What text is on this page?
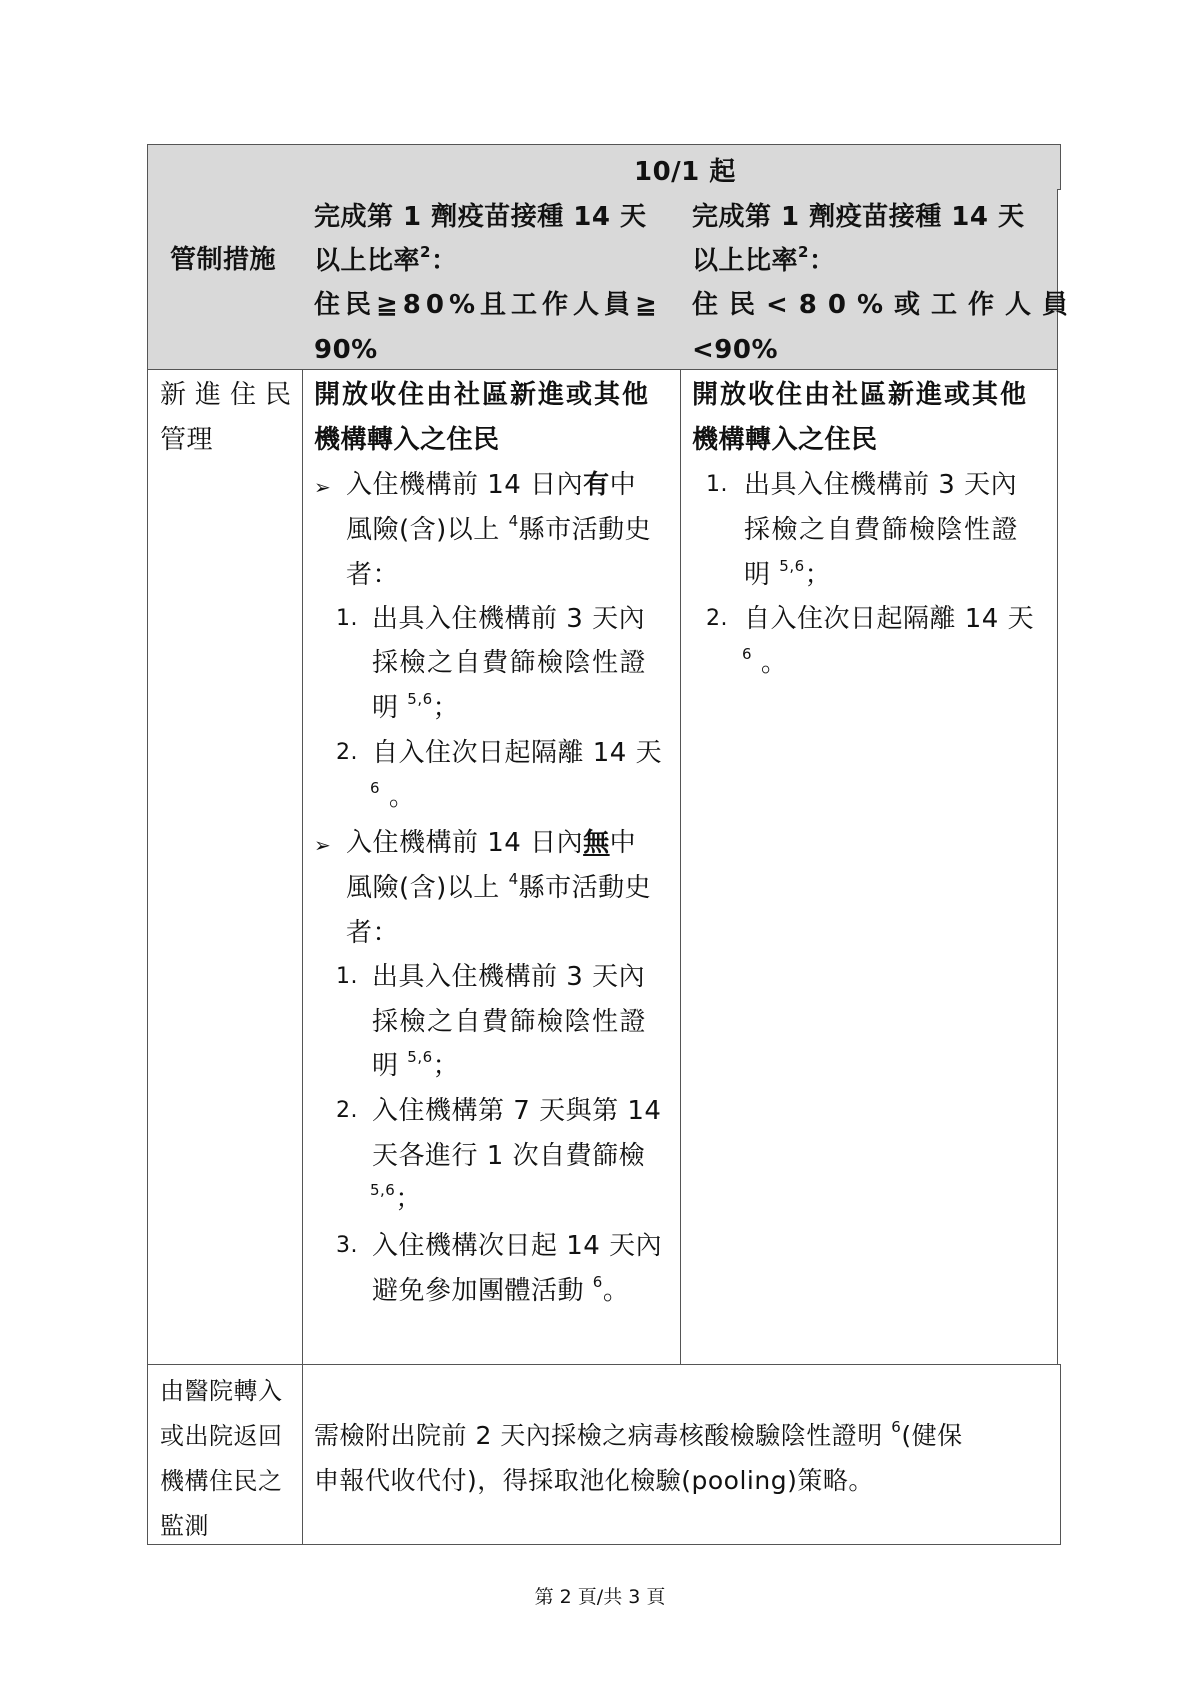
10/1 起
管制措施
完成第 1 劑疫苗接種 14 天
以上比率$^2$：
住民≧80%且工作人員≧
90%
完成第 1 劑疫苗接種 14 天
以上比率$^2$：
住民<80%或工作人員
<90%
新進住民
管理
開放收住由社區新進或其他
機構轉入之住民
➢ 入住機構前 14 日內有中
風險(含)以上 $^4$縣市活動史
者：
1. 出具入住機構前 3 天內
採檢之自費篩檢陰性證
明 $^{5,6}$；
2. 自入住次日起隔離 14 天
$^6$ 。
➢ 入住機構前 14 日內無中
風險(含)以上 $^4$縣市活動史
者：
1. 出具入住機構前 3 天內
採檢之自費篩檢陰性證
明 $^{5,6}$；
2. 入住機構第 7 天與第 14
天各進行 1 次自費篩檢
$^{5,6}$；
3. 入住機構次日起 14 天內
避免參加團體活動 $^6$。
開放收住由社區新進或其他
機構轉入之住民
1. 出具入住機構前 3 天內
採檢之自費篩檢陰性證
明 $^{5,6}$；
2. 自入住次日起隔離 14 天
$^6$ 。
由醫院轉入
或出院返回
機構住民之
監測
需檢附出院前 2 天內採檢之病毒核酸檢驗陰性證明 $^6$(健保
申報代收代付)，得採取池化檢驗(pooling)策略。
第 2 頁/共 3 頁
